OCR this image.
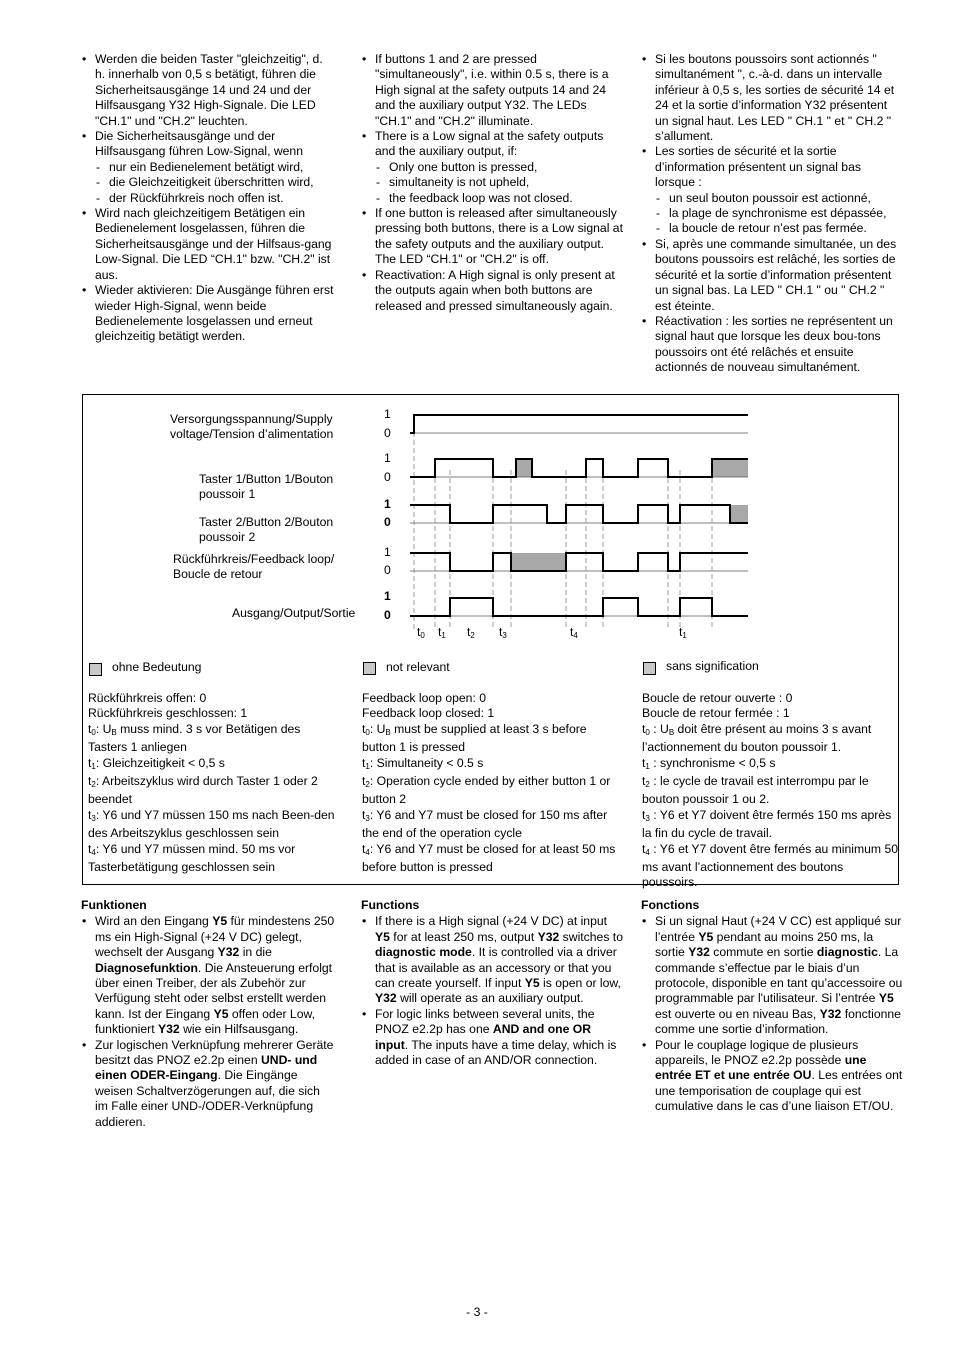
• Werden die beiden Taster "gleichzeitig", d. h. innerhalb von 0,5 s betätigt, führen die Sicherheitsausgänge 14 und 24 und der Hilfsausgang Y32 High-Signale. Die LED "CH.1" und "CH.2" leuchten.
• Die Sicherheitsausgänge und der Hilfsausgang führen Low-Signal, wenn
- nur ein Bedienelement betätigt wird,
- die Gleichzeitigkeit überschritten wird,
- der Rückführkreis noch offen ist.
• Wird nach gleichzeitigem Betätigen ein Bedienelement losgelassen, führen die Sicherheitsausgänge und der Hilfsaus-gang Low-Signal. Die LED “CH.1" bzw. "CH.2" ist aus.
• Wieder aktivieren: Die Ausgänge führen erst wieder High-Signal, wenn beide Bedienelemente losgelassen und erneut gleichzeitig betätigt werden.
• If buttons 1 and 2 are pressed "simultaneously", i.e. within 0.5 s, there is a High signal at the safety outputs 14 and 24 and the auxiliary output Y32. The LEDs "CH.1" and "CH.2" illuminate.
• There is a Low signal at the safety outputs and the auxiliary output, if:
- Only one button is pressed,
- simultaneity is not upheld,
- the feedback loop was not closed.
• If one button is released after simultaneously pressing both buttons, there is a Low signal at the safety outputs and the auxiliary output. The LED “CH.1" or "CH.2" is off.
• Reactivation: A High signal is only present at the outputs again when both buttons are released and pressed simultaneously again.
• Si les boutons poussoirs sont actionnés " simultanément ", c.-à-d. dans un intervalle inférieur à 0,5 s, les sorties de sécurité 14 et 24 et la sortie d’information Y32 présentent un signal haut. Les LED " CH.1 " et " CH.2 " s’allument.
• Les sorties de sécurité et la sortie d’information présentent un signal bas lorsque :
- un seul bouton poussoir est actionné,
- la plage de synchronisme est dépassée,
- la boucle de retour n’est pas fermée.
• Si, après une commande simultanée, un des boutons poussoirs est relâché, les sorties de sécurité et la sortie d’information présentent un signal bas. La LED " CH.1 " ou " CH.2 " est éteinte.
• Réactivation : les sorties ne représentent un signal haut que lorsque les deux bou-tons poussoirs ont été relâchés et ensuite actionnés de nouveau simultanément.
Versorgungsspannung/Supply voltage/Tension d’alimentation
Taster 1/Button 1/Bouton poussoir 1
Taster 2/Button 2/Bouton poussoir 2
Rückführkreis/Feedback loop/ Boucle de retour
Ausgang/Output/Sortie
1
0
1
0
1
0
1
0
1
0
$t_0$ $t_1$ $t_2$ $t_3$	$t_4$	$t_1$
ohne Bedeutung	not relevant	sans signification

Rückführkreis offen: 0

Rückführkreis geschlossen: 1

$t_0$: $U_B$ muss mind. 3 s vor Betätigen des Tasters 1 anliegen

$t_1$: Gleichzeitigkeit < 0,5 s

$t_2$: Arbeitszyklus wird durch Taster 1 oder 2 beendet

$t_3$: Y6 und Y7 müssen 150 ms nach Been-den des Arbeitszyklus geschlossen sein

$t_4$: Y6 und Y7 müssen mind. 50 ms vor Tasterbetätigung geschlossen sein

Feedback loop open: 0

Feedback loop closed: 1

$t_0$: $U_B$ must be supplied at least 3 s before button 1 is pressed

$t_1$: Simultaneity < 0.5 s

$t_2$: Operation cycle ended by either button 1 or button 2

$t_3$: Y6 and Y7 must be closed for 150 ms after the end of the operation cycle

$t_4$: Y6 and Y7 must be closed for at least 50 ms before button is pressed

Boucle de retour ouverte : 0

Boucle de retour fermée : 1

$t_0$ : $U_B$ doit être présent au moins 3 s avant l’actionnement du bouton poussoir 1.

$t_1$ : synchronisme < 0,5 s

$t_2$ : le cycle de travail est interrompu par le bouton poussoir 1 ou 2.

$t_3$ : Y6 et Y7 doivent être fermés 150 ms après la fin du cycle de travail.

$t_4$ : Y6 et Y7 dovent être fermés au minimum 50 ms avant l’actionnement des boutons poussoirs.

Funktionen
• Wird an den Eingang Y5 für mindestens 250 ms ein High-Signal (+24 V DC) gelegt, wechselt der Ausgang Y32 in die Diagnosefunktion. Die Ansteuerung erfolgt über einen Treiber, der als Zubehör zur Verfügung steht oder selbst erstellt werden kann. Ist der Eingang Y5 offen oder Low, funktioniert Y32 wie ein Hilfsausgang.
• Zur logischen Verknüpfung mehrerer Geräte besitzt das PNOZ e2.2p einen UND- und einen ODER-Eingang. Die Eingänge weisen Schaltverzögerungen auf, die sich im Falle einer UND-/ODER-Verknüpfung addieren.
Functions
• If there is a High signal (+24 V DC) at input Y5 for at least 250 ms, output Y32 switches to diagnostic mode. It is controlled via a driver that is available as an accessory or that you can create yourself. If input Y5 is open or low, Y32 will operate as an auxiliary output.
• For logic links between several units, the PNOZ e2.2p has one AND and one OR input. The inputs have a time delay, which is added in case of an AND/OR connection.
Fonctions
• Si un signal Haut (+24 V CC) est appliqué sur l’entrée Y5 pendant au moins 250 ms, la sortie Y32 commute en sortie diagnostic. La commande s’effectue par le biais d’un protocole, disponible en tant qu’accessoire ou programmable par l'utilisateur. Si l’entrée Y5 est ouverte ou en niveau Bas, Y32 fonctionne comme une sortie d’information.
• Pour le couplage logique de plusieurs appareils, le PNOZ e2.2p possède une entrée ET et une entrée OU. Les entrées ont une temporisation de couplage qui est cumulative dans le cas d’une liaison ET/OU.
- 3 -
